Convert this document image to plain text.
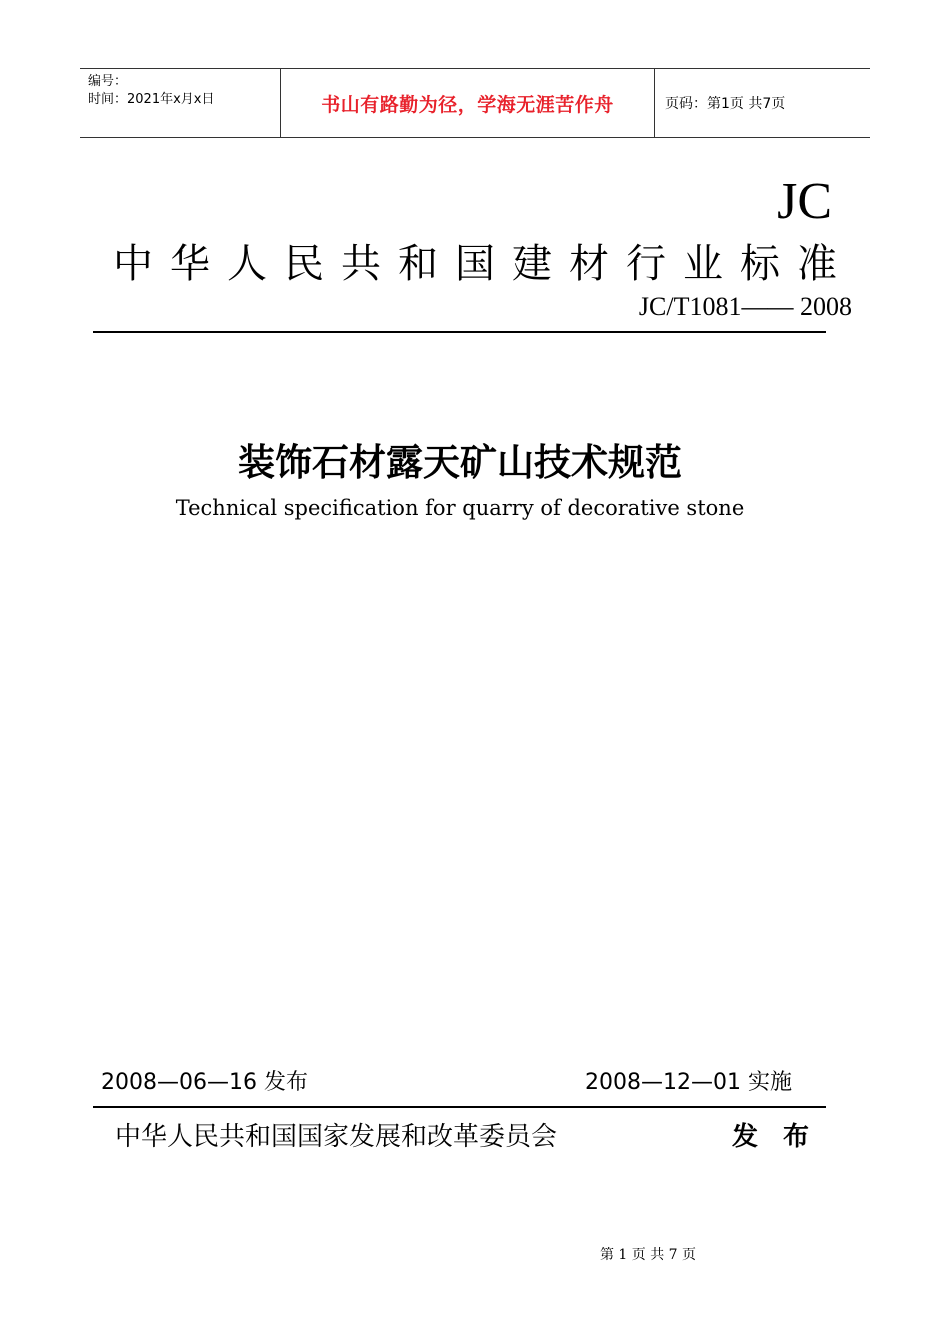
编号：
时间：2021年x月x日	书山有路勤为径，学海无涯苦作舟	页码：第1页 共7页
JC
中 华 人 民 共 和 国 建 材 行 业 标 准
JC/T1081—— 2008
装饰石材露天矿山技术规范
Technical specification for quarry of decorative stone
2008—06—16 发布	2008—12—01 实施
中华人民共和国国家发展和改革委员会	发 布
第 1 页 共 7 页
